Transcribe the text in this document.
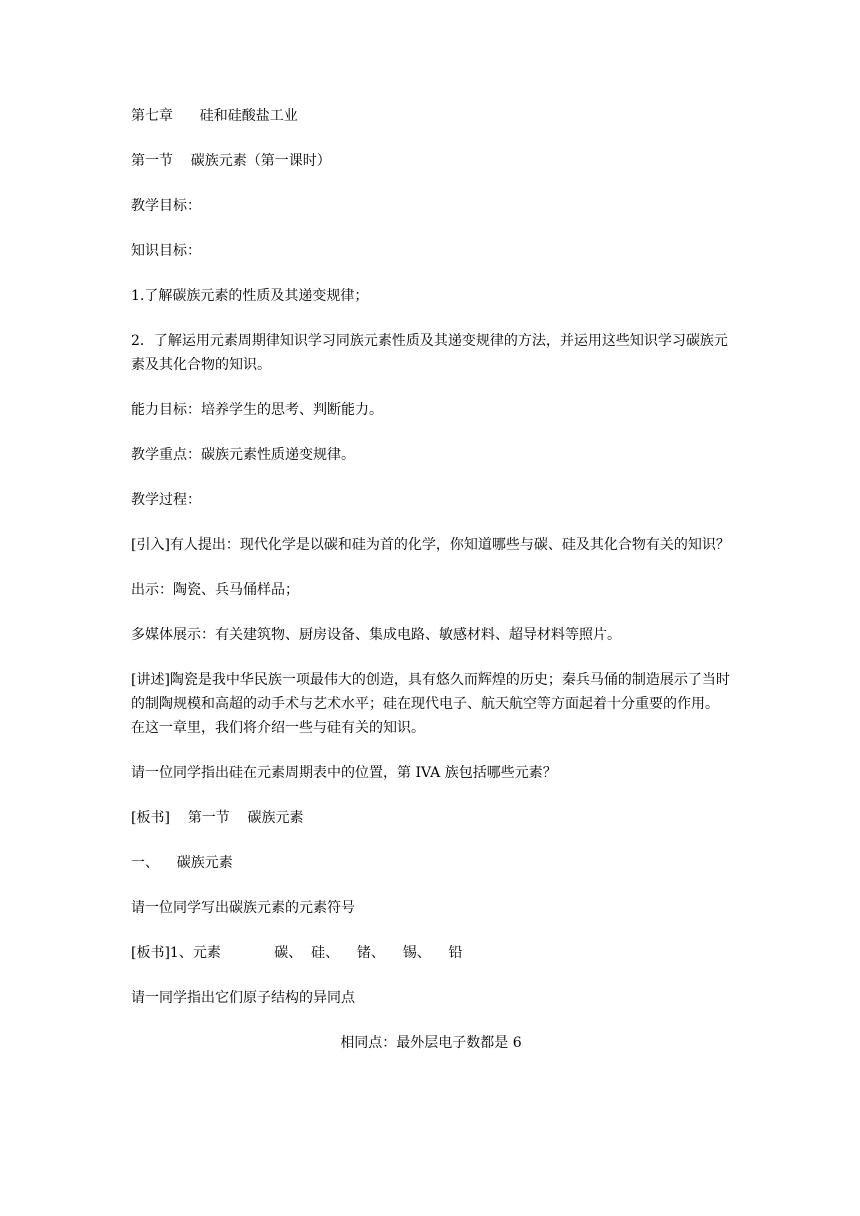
第七章      硅和硅酸盐工业

第一节    碳族元素（第一课时）

教学目标：

知识目标：

1.了解碳族元素的性质及其递变规律；

2．了解运用元素周期律知识学习同族元素性质及其递变规律的方法，并运用这些知识学习碳族元素及其化合物的知识。

能力目标：培养学生的思考、判断能力。

教学重点：碳族元素性质递变规律。

教学过程：

[引入]有人提出：现代化学是以碳和硅为首的化学，你知道哪些与碳、硅及其化合物有关的知识？

出示：陶瓷、兵马俑样品；

多媒体展示：有关建筑物、厨房设备、集成电路、敏感材料、超导材料等照片。

[讲述]陶瓷是我中华民族一项最伟大的创造，具有悠久而辉煌的历史；秦兵马俑的制造展示了当时的制陶规模和高超的动手术与艺术水平；硅在现代电子、航天航空等方面起着十分重要的作用。在这一章里，我们将介绍一些与硅有关的知识。

请一位同学指出硅在元素周期表中的位置，第 IVA 族包括哪些元素？

[板书]    第一节    碳族元素

一、    碳族元素

请一位同学写出碳族元素的元素符号

[板书]1、元素            碳、  硅、    锗、    锡、    铅

请一同学指出它们原子结构的异同点

相同点：最外层电子数都是 6
